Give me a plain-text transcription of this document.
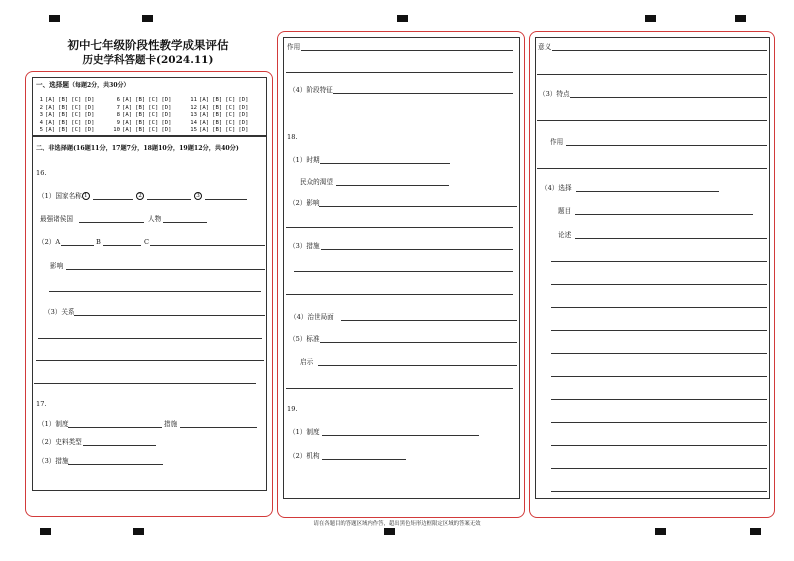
初中七年级阶段性教学成果评估
历史学科答题卡(2024.11)
一、选择题（每题2分，共30分）
1 [A] [B] [C] [D]	6 [A] [B] [C] [D]	11 [A] [B] [C] [D]
2 [A] [B] [C] [D]	7 [A] [B] [C] [D]	12 [A] [B] [C] [D]
3 [A] [B] [C] [D]	8 [A] [B] [C] [D]	13 [A] [B] [C] [D]
4 [A] [B] [C] [D]	9 [A] [B] [C] [D]	14 [A] [B] [C] [D]
5 [A] [B] [C] [D]	10 [A] [B] [C] [D]	15 [A] [B] [C] [D]
二、非选择题(16题11分，17题7分，18题10分，19题12分，共40分)
16.
（1）国家名称 1	2	3
最强诸侯国	人物
（2）A	B	C
影响
（3）关系
17.
（1）制度	措施
（2）史料类型
（3）措施
作用
（4）阶段特征
18.
（1）时期
民众的渴望
（2）影响
（3）措施
（4）治世局面
（5）标准
启示
19.
（1）制度
（2）机构
意义
（3）特点
作用
（4）选择
题目
论述
请在各题目的答题区域内作答，超出黑色矩形边框限定区域的答案无效
